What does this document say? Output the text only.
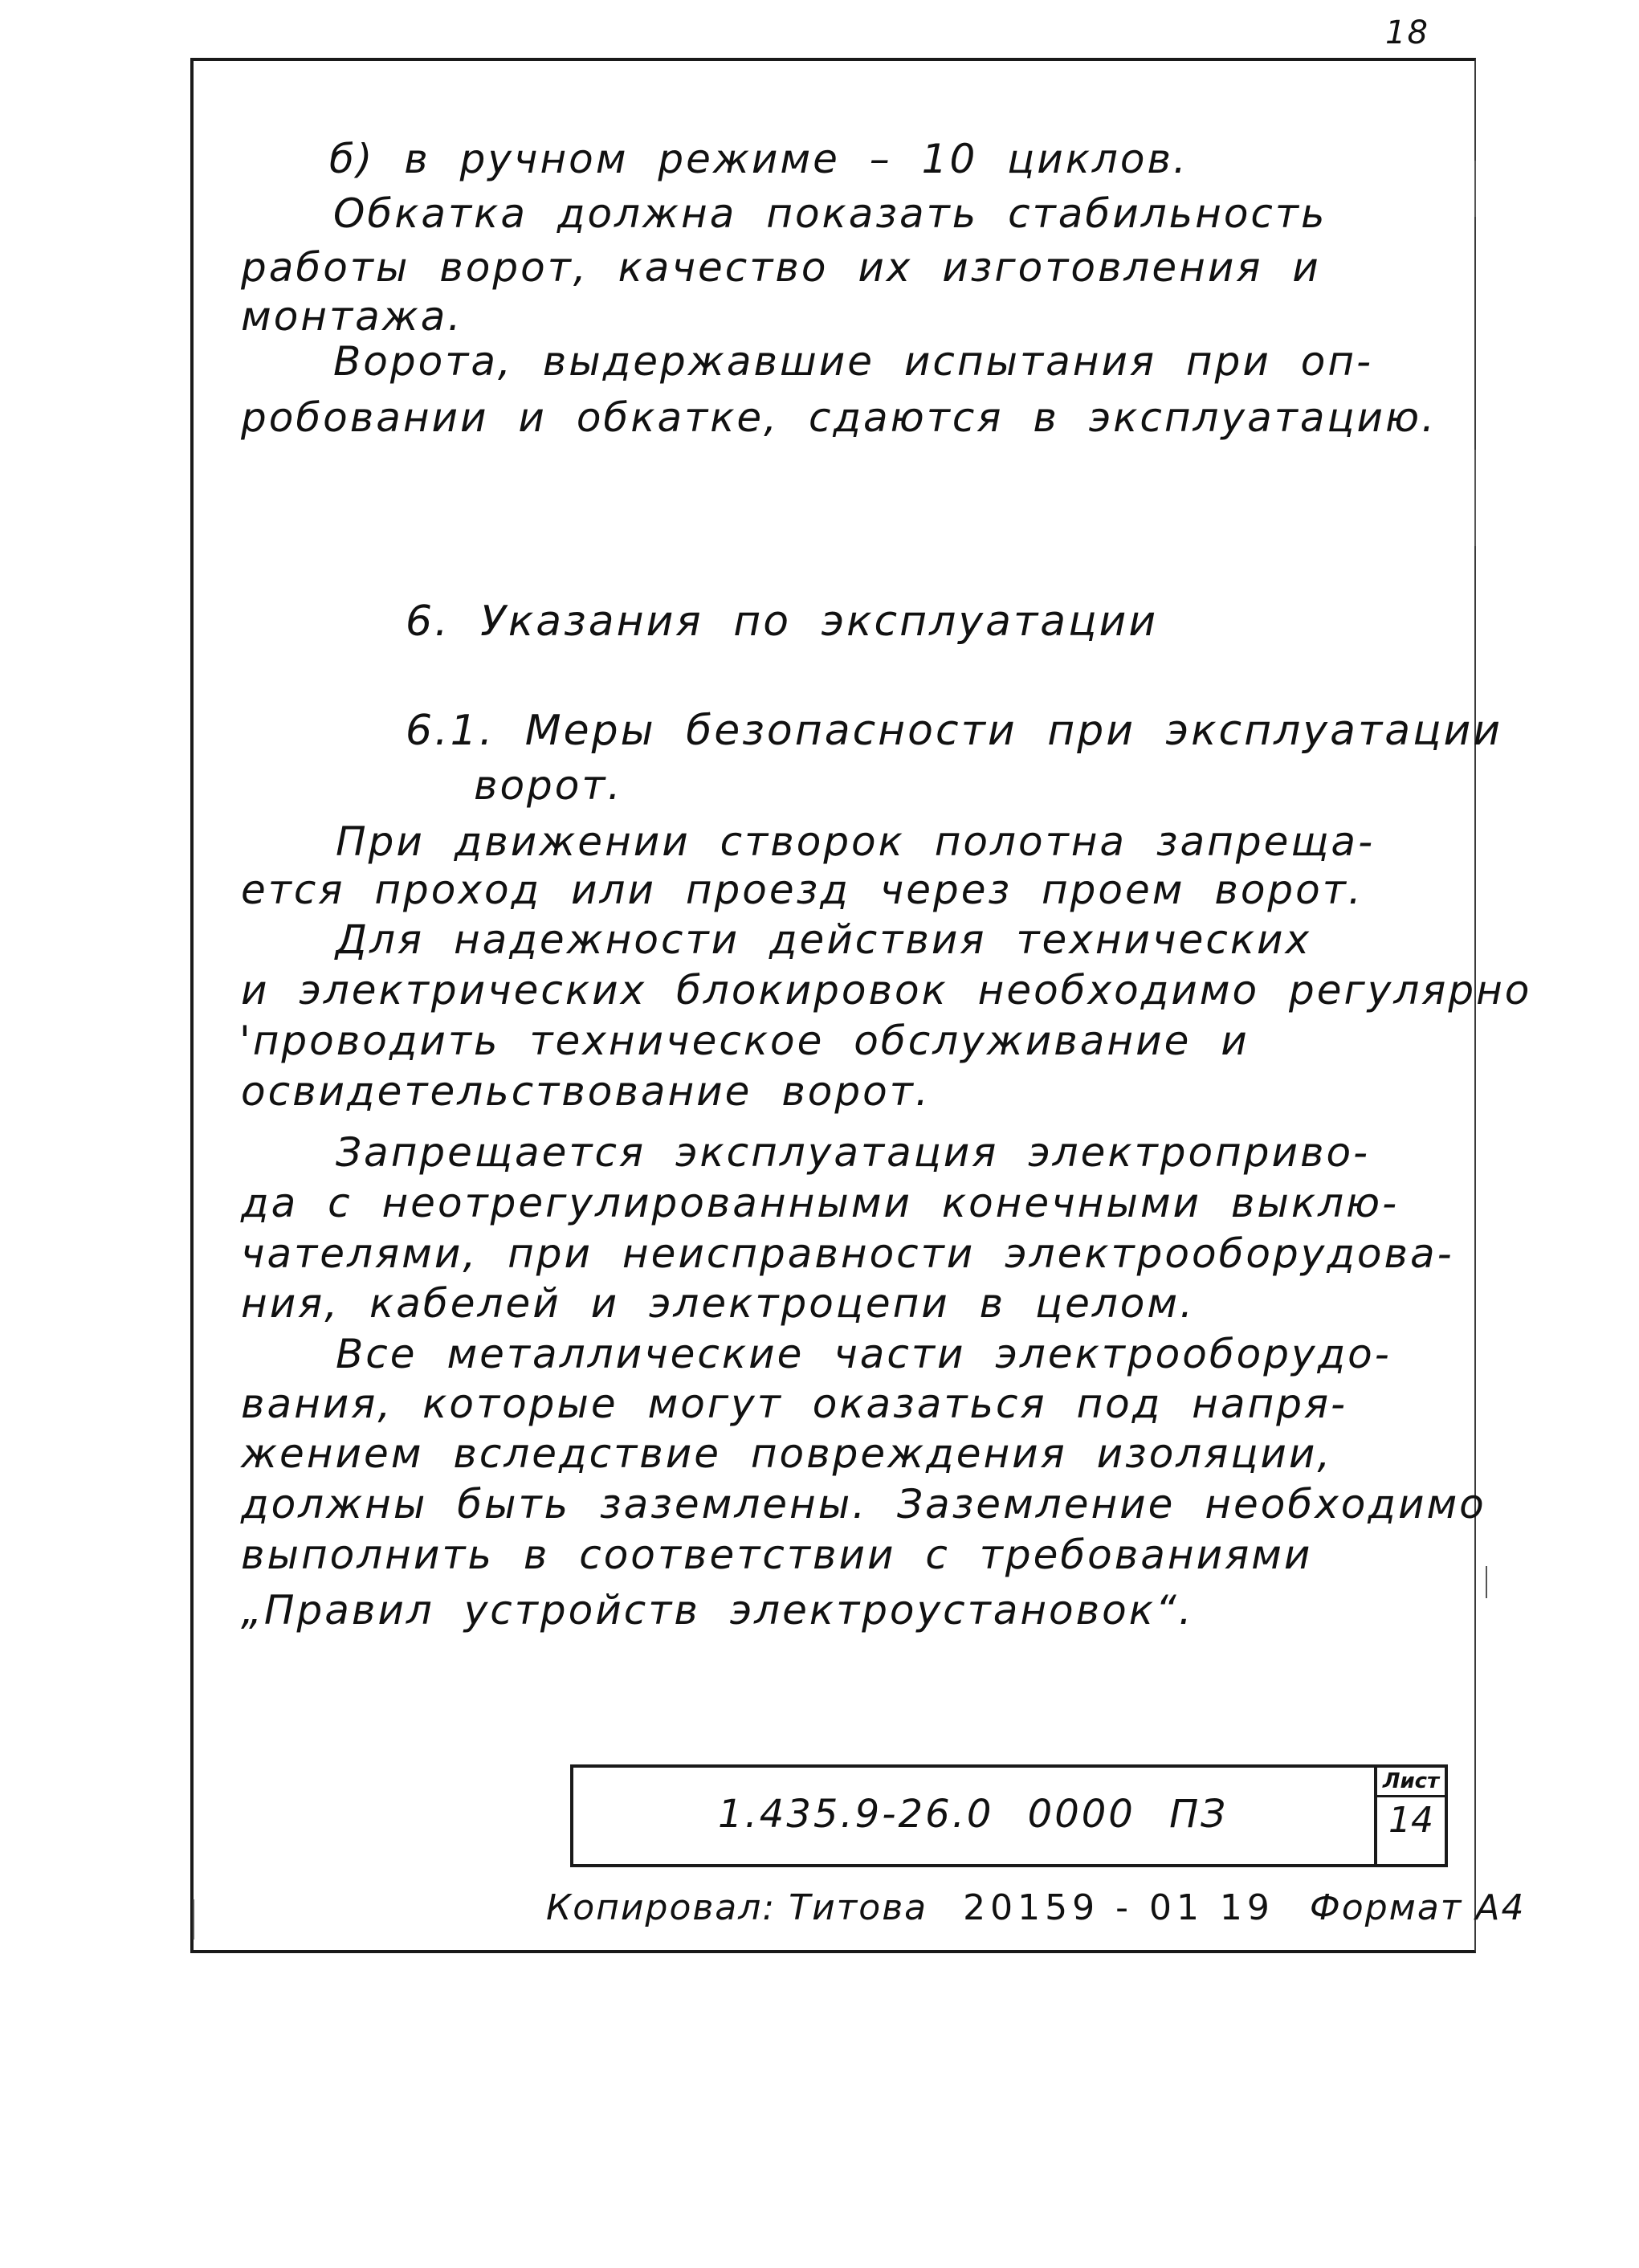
18
б) в ручном режиме – 10 циклов.
Обкатка должна показать стабильность
работы ворот, качество их изготовления и
монтажа.
Ворота, выдержавшие испытания при оп-
робовании и обкатке, сдаются в эксплуатацию.
6. Указания по эксплуатации
6.1. Меры безопасности при эксплуатации
ворот.
При движении створок полотна запреща-
ется проход или проезд через проем ворот.
Для надежности действия технических
и электрических блокировок необходимо регулярно
'проводить техническое обслуживание и
освидетельствование ворот.
Запрещается эксплуатация электроприво-
да с неотрегулированными конечными выклю-
чателями, при неисправности электрооборудова-
ния, кабелей и электроцепи в целом.
Все металлические части электрооборудо-
вания, которые могут оказаться под напря-
жением вследствие повреждения изоляции,
должны быть заземлены. Заземление необходимо
выполнить в соответствии с требованиями
„Правил устройств электроустановок“.
1.435.9-26.0 0000 ПЗ
Лист
14
Копировал: Титова 20159 - 01 19 Формат А4
